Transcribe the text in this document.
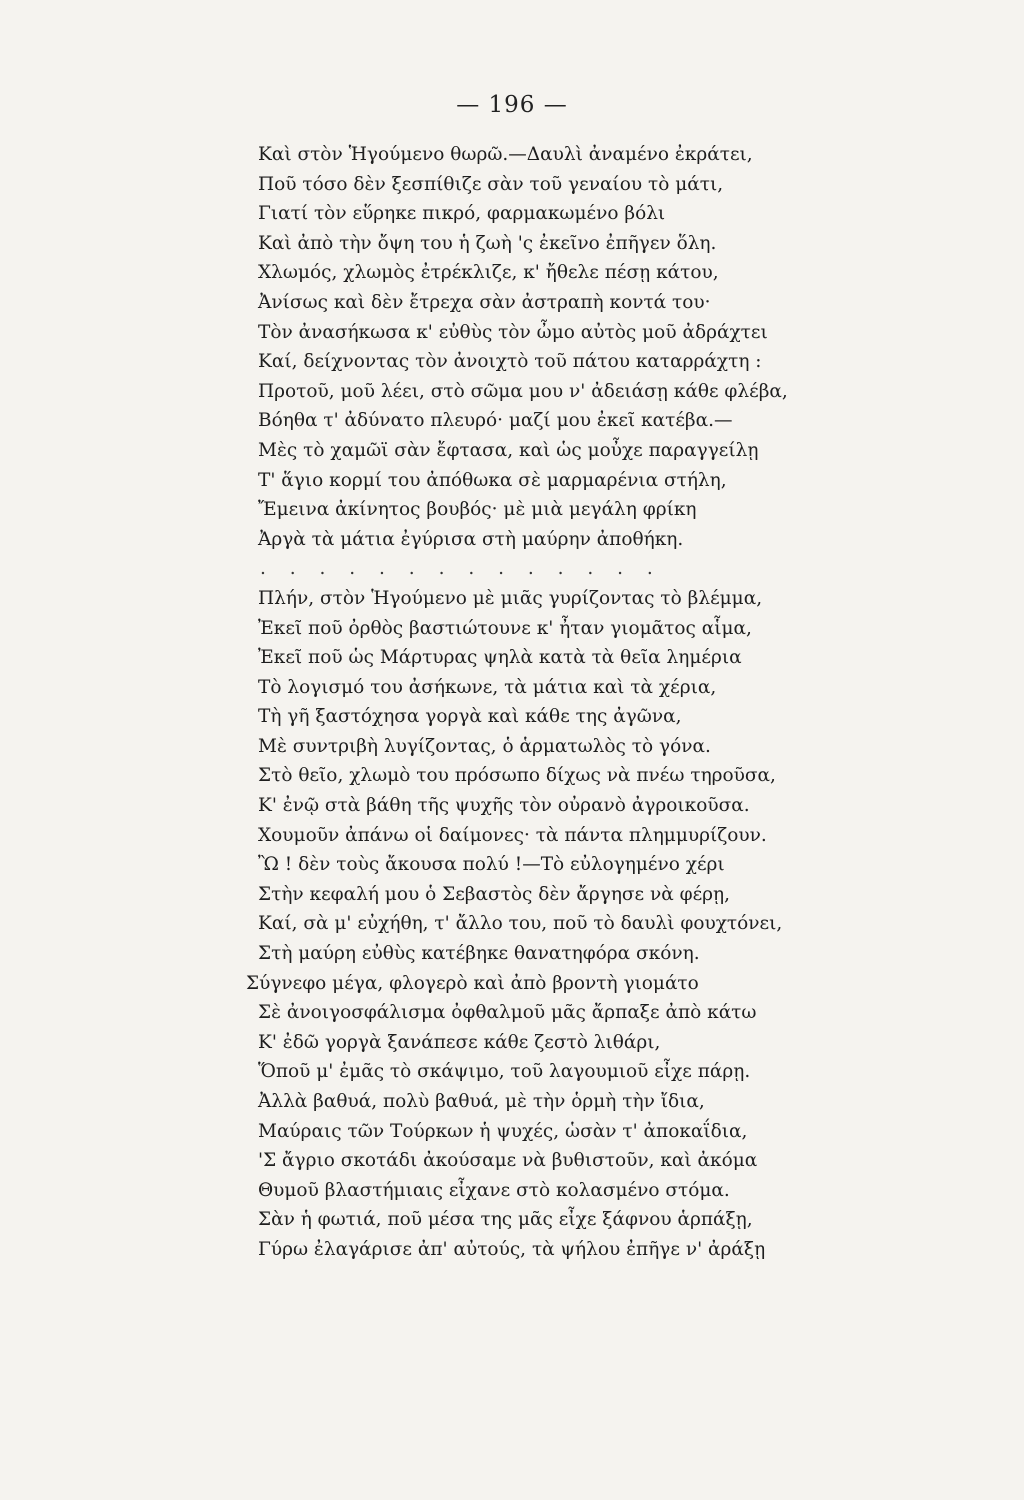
— 196 —
Καὶ στὸν Ἡγούμενο θωρῶ.—Δαυλὶ ἀναμένο ἐκράτει,
Ποῦ τόσο δὲν ξεσπίθιζε σὰν τοῦ γεναίου τὸ μάτι,
Γιατί τὸν εὕρηκε πικρό, φαρμακωμένο βόλι
Καὶ ἀπὸ τὴν ὄψη του ἡ ζωὴ 'ς ἐκεῖνο ἐπῆγεν ὅλη.
Χλωμός, χλωμὸς ἐτρέκλιζε, κ' ἤθελε πέσῃ κάτου,
Ἀνίσως καὶ δὲν ἔτρεχα σὰν ἀστραπὴ κοντά του·
Τὸν ἀνασήκωσα κ' εὐθὺς τὸν ὦμο αὐτὸς μοῦ ἀδράχτει
Καί, δείχνοντας τὸν ἀνοιχτὸ τοῦ πάτου καταρράχτη :
Προτοῦ, μοῦ λέει, στὸ σῶμα μου ν' ἀδειάσῃ κάθε φλέβα,
Βόηθα τ' ἀδύνατο πλευρό· μαζί μου ἐκεῖ κατέβα.—
Μὲς τὸ χαμῶϊ σὰν ἔφτασα, καὶ ὡς μοὖχε παραγγείλῃ
Τ' ἅγιο κορμί του ἀπόθωκα σὲ μαρμαρένια στήλη,
Ἔμεινα ἀκίνητος βουβός· μὲ μιὰ μεγάλη φρίκη
Ἀργὰ τὰ μάτια ἐγύρισα στὴ μαύρην ἀποθήκη.
. . . . . . . . . . . . . .
Πλήν, στὸν Ἡγούμενο μὲ μιᾶς γυρίζοντας τὸ βλέμμα,
Ἐκεῖ ποῦ ὀρθὸς βαστιώτουνε κ' ἦταν γιομᾶτος αἷμα,
Ἐκεῖ ποῦ ὡς Μάρτυρας ψηλὰ κατὰ τὰ θεῖα λημέρια
Τὸ λογισμό του ἀσήκωνε, τὰ μάτια καὶ τὰ χέρια,
Τὴ γῆ ξαστόχησα γοργὰ καὶ κάθε της ἀγῶνα,
Μὲ συντριβὴ λυγίζοντας, ὁ ἁρματωλὸς τὸ γόνα.
Στὸ θεῖο, χλωμὸ του πρόσωπο δίχως νὰ πνέω τηροῦσα,
Κ' ἐνῷ στὰ βάθη τῆς ψυχῆς τὸν οὐρανὸ ἀγροικοῦσα.
Χουμοῦν ἀπάνω οἱ δαίμονες· τὰ πάντα πλημμυρίζουν.
Ὢ ! δὲν τοὺς ἄκουσα πολύ !—Τὸ εὐλογημένο χέρι
Στὴν κεφαλή μου ὁ Σεβαστὸς δὲν ἄργησε νὰ φέρῃ,
Καί, σὰ μ' εὐχήθη, τ' ἄλλο του, ποῦ τὸ δαυλὶ φουχτόνει,
Στὴ μαύρη εὐθὺς κατέβηκε θανατηφόρα σκόνη.
Σύγνεφο μέγα, φλογερὸ καὶ ἀπὸ βροντὴ γιομάτο
Σὲ ἀνοιγοσφάλισμα ὀφθαλμοῦ μᾶς ἄρπαξε ἀπὸ κάτω
Κ' ἐδῶ γοργὰ ξανάπεσε κάθε ζεστὸ λιθάρι,
Ὅποῦ μ' ἐμᾶς τὸ σκάψιμο, τοῦ λαγουμιοῦ εἶχε πάρῃ.
Ἀλλὰ βαθυά, πολὺ βαθυά, μὲ τὴν ὁρμὴ τὴν ἴδια,
Μαύραις τῶν Τούρκων ἡ ψυχές, ὡσὰν τ' ἀποκαΐδια,
'Σ ἄγριο σκοτάδι ἀκούσαμε νὰ βυθιστοῦν, καὶ ἀκόμα
Θυμοῦ βλαστήμιαις εἶχανε στὸ κολασμένο στόμα.
Σὰν ἡ φωτιά, ποῦ μέσα της μᾶς εἶχε ξάφνου ἁρπάξῃ,
Γύρω ἐλαγάρισε ἀπ' αὐτούς, τὰ ψήλου ἐπῆγε ν' ἀράξῃ
